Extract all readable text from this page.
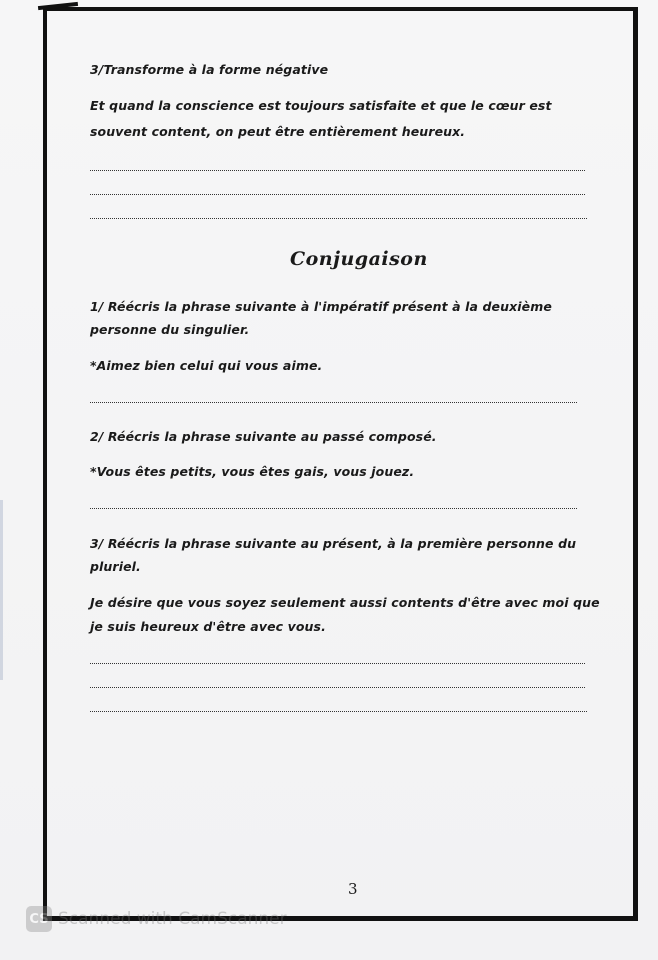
3/Transforme à la forme négative
Et quand la conscience est toujours satisfaite et que le cœur est
souvent content, on peut être entièrement heureux.
Conjugaison
1/ Réécris la phrase suivante à l'impératif présent à la deuxième
personne du singulier.
*Aimez bien celui qui vous aime.
2/ Réécris la phrase suivante au passé composé.
*Vous êtes petits, vous êtes gais, vous jouez.
3/ Réécris la phrase suivante au présent, à la première personne du
pluriel.
Je désire que vous soyez seulement aussi contents d'être avec moi que
je suis heureux d'être avec vous.
3
CS Scanned with CamScanner
